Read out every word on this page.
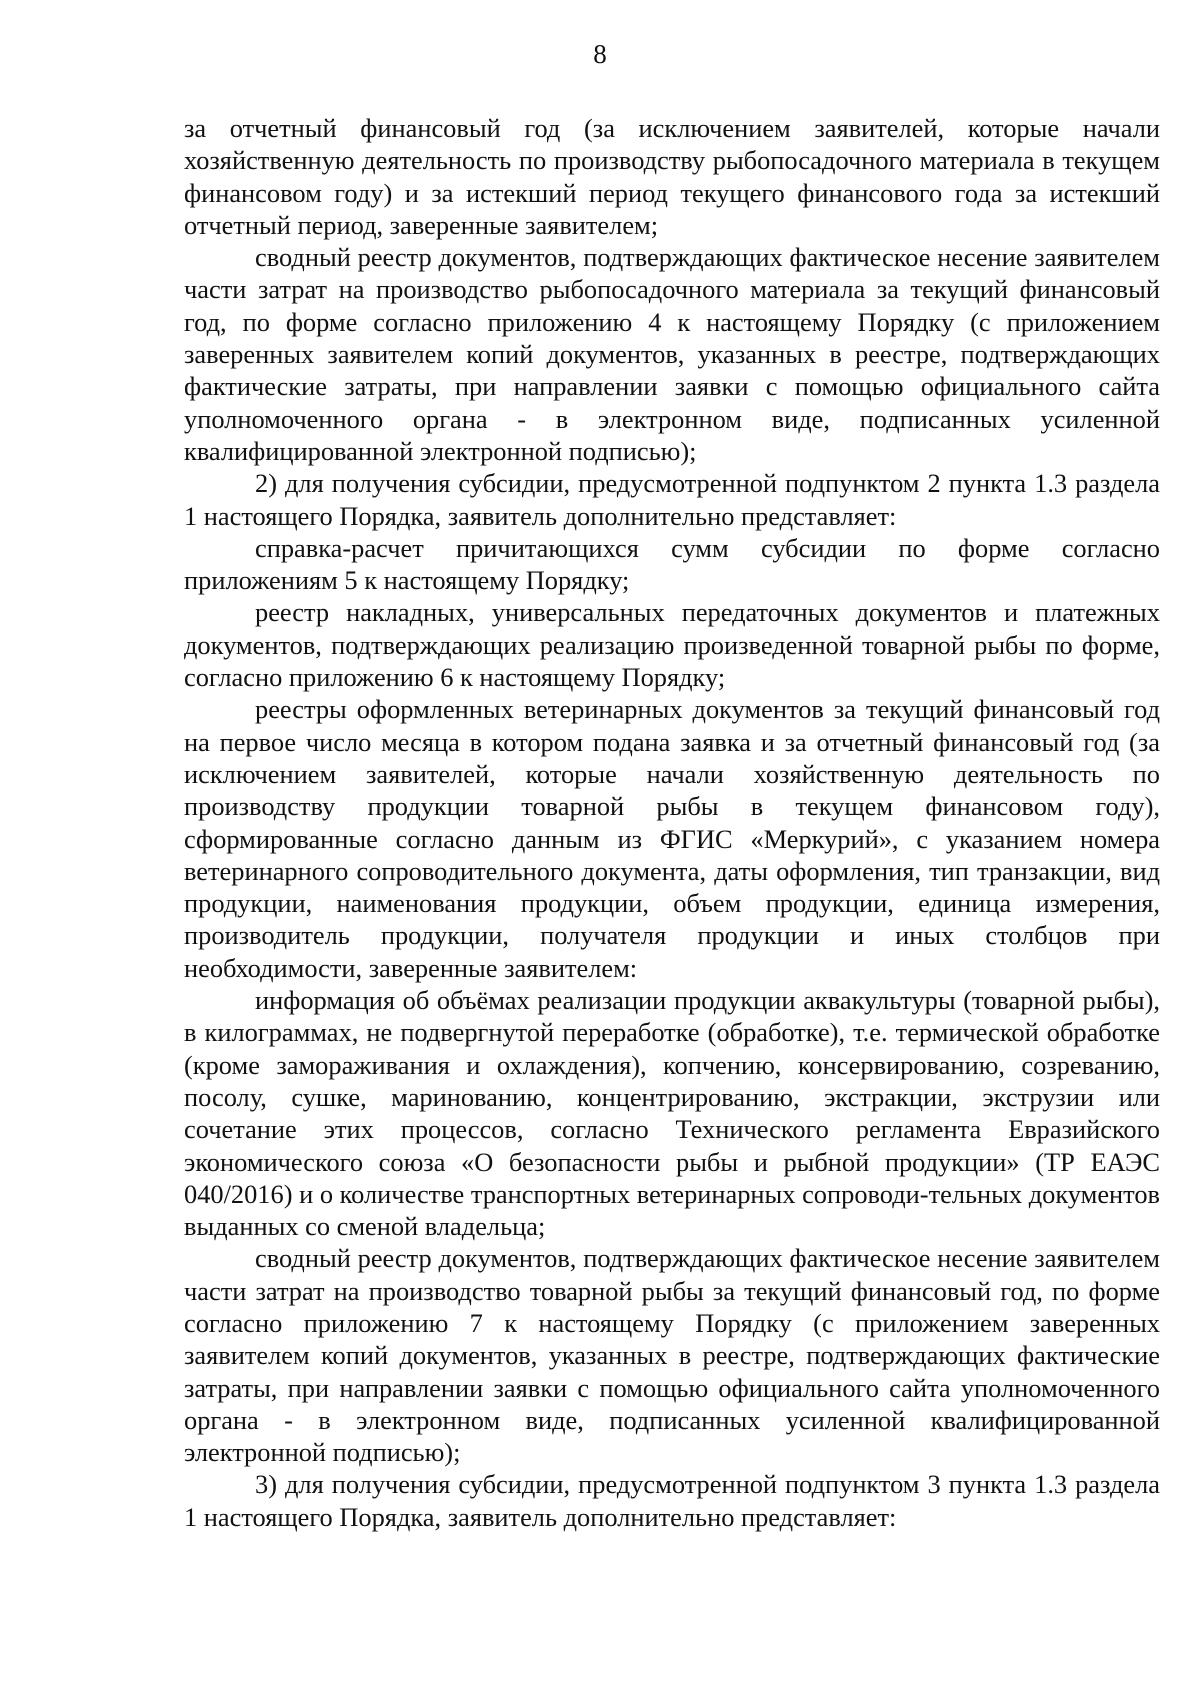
8

за отчетный финансовый год (за исключением заявителей, которые начали хозяйственную деятельность по производству рыбопосадочного материала в текущем финансовом году) и за истекший период текущего финансового года за истекший отчетный период, заверенные заявителем;

сводный реестр документов, подтверждающих фактическое несение заявителем части затрат на производство рыбопосадочного материала за текущий финансовый год, по форме согласно приложению 4 к настоящему Порядку (с приложением заверенных заявителем копий документов, указанных в реестре, подтверждающих фактические затраты, при направлении заявки с помощью официального сайта уполномоченного органа - в электронном виде, подписанных усиленной квалифицированной электронной подписью);

2) для получения субсидии, предусмотренной подпунктом 2 пункта 1.3 раздела 1 настоящего Порядка, заявитель дополнительно представляет:

справка-расчет причитающихся сумм субсидии по форме согласно приложениям 5 к настоящему Порядку;

реестр накладных, универсальных передаточных документов и платежных документов, подтверждающих реализацию произведенной товарной рыбы по форме, согласно приложению 6 к настоящему Порядку;

реестры оформленных ветеринарных документов за текущий финансовый год на первое число месяца в котором подана заявка и за отчетный финансовый год (за исключением заявителей, которые начали хозяйственную деятельность по производству продукции товарной рыбы в текущем финансовом году), сформированные согласно данным из ФГИС «Меркурий», с указанием номера ветеринарного сопроводительного документа, даты оформления, тип транзакции, вид продукции, наименования продукции, объем продукции, единица измерения, производитель продукции, получателя продукции и иных столбцов при необходимости, заверенные заявителем:

информация об объёмах реализации продукции аквакультуры (товарной рыбы), в килограммах, не подвергнутой переработке (обработке), т.е. термической обработке (кроме замораживания и охлаждения), копчению, консервированию, созреванию, посолу, сушке, маринованию, концентрированию, экстракции, экструзии или сочетание этих процессов, согласно Технического регламента Евразийского экономического союза «О безопасности рыбы и рыбной продукции» (ТР ЕАЭС 040/2016) и о количестве транспортных ветеринарных сопроводи-тельных документов выданных со сменой владельца;

сводный реестр документов, подтверждающих фактическое несение заявителем части затрат на производство товарной рыбы за текущий финансовый год, по форме согласно приложению 7 к настоящему Порядку (с приложением заверенных заявителем копий документов, указанных в реестре, подтверждающих фактические затраты, при направлении заявки с помощью официального сайта уполномоченного органа - в электронном виде, подписанных усиленной квалифицированной электронной подписью);

3) для получения субсидии, предусмотренной подпунктом 3 пункта 1.3 раздела 1 настоящего Порядка, заявитель дополнительно представляет:
